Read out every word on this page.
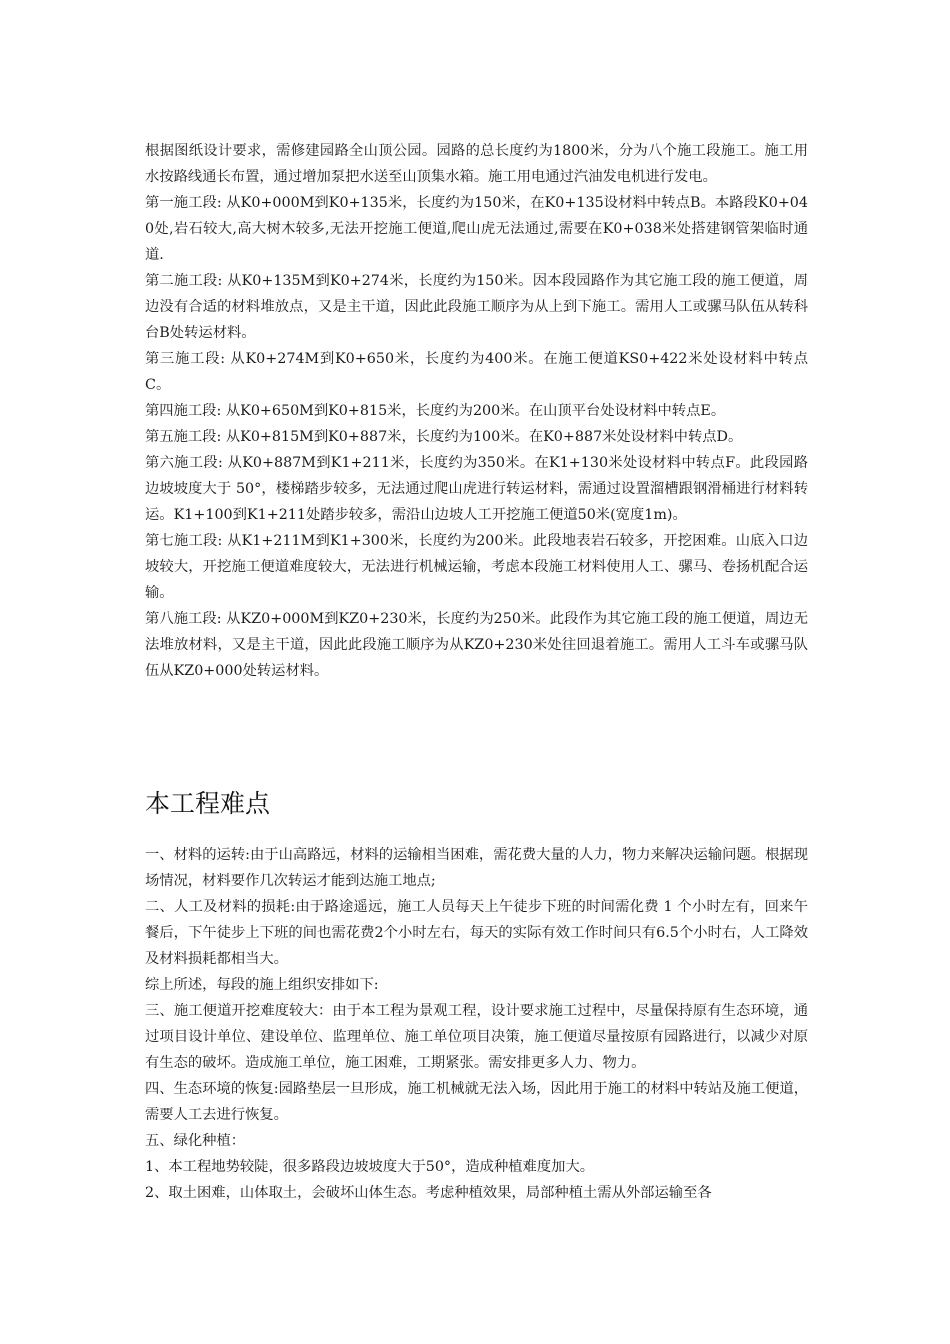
根据图纸设计要求，需修建园路全山顶公园。园路的总长度约为1800米，分为八个施工段施工。施工用水按路线通长布置，通过增加泵把水送至山顶集水箱。施工用电通过汽油发电机进行发电。

第一施工段: 从K0+000M到K0+135米，长度约为150米，在K0+135设材料中转点B。本路段K0+040处,岩石较大,高大树木较多,无法开挖施工便道,爬山虎无法通过,需要在K0+038米处搭建钢管架临时通道.

第二施工段: 从K0+135M到K0+274米，长度约为150米。因本段园路作为其它施工段的施工便道，周边没有合适的材料堆放点，又是主干道，因此此段施工顺序为从上到下施工。需用人工或骡马队伍从转科台B处转运材料。

第三施工段: 从K0+274M到K0+650米，长度约为400米。在施工便道KS0+422米处设材料中转点C。

第四施工段: 从K0+650M到K0+815米，长度约为200米。在山顶平台处设材料中转点E。

第五施工段: 从K0+815M到K0+887米，长度约为100米。在K0+887米处设材料中转点D。

第六施工段: 从K0+887M到K1+211米，长度约为350米。在K1+130米处设材料中转点F。此段园路边坡坡度大于 50°，楼梯踏步较多，无法通过爬山虎进行转运材料，需通过设置溜槽跟钢滑桶进行材料转运。K1+100到K1+211处踏步较多，需沿山边坡人工开挖施工便道50米(宽度1m)。

第七施工段: 从K1+211M到K1+300米，长度约为200米。此段地表岩石较多，开挖困难。山底入口边坡较大，开挖施工便道难度较大，无法进行机械运输，考虑本段施工材料使用人工、骡马、卷扬机配合运输。

第八施工段: 从KZ0+000M到KZ0+230米，长度约为250米。此段作为其它施工段的施工便道，周边无法堆放材料，又是主干道，因此此段施工顺序为从KZ0+230米处往回退着施工。需用人工斗车或骡马队伍从KZ0+000处转运材料。

本工程难点

一、材料的运转:由于山高路远，材料的运输相当困难，需花费大量的人力，物力来解决运输问题。根据现场情况，材料要作几次转运才能到达施工地点;

二、人工及材料的损耗:由于路途遥远，施工人员每天上午徒步下班的时间需化费 1 个小时左有，回来午餐后，下午徒步上下班的间也需花费2个小时左右，每天的实际有效工作时间只有6.5个小时右，人工降效及材料损耗都相当大。

综上所述，每段的施上组织安排如下:

三、施工便道开挖难度较大：由于本工程为景观工程，设计要求施工过程中，尽量保持原有生态环境，通过项目设计单位、建设单位、监理单位、施工单位项目决策，施工便道尽量按原有园路进行，以减少对原有生态的破坏。造成施工单位，施工困难，工期紧张。需安排更多人力、物力。

四、生态环境的恢复:园路垫层一旦形成，施工机械就无法入场，因此用于施工的材料中转站及施工便道，需要人工去进行恢复。

五、绿化种植：

1、本工程地势较陡，很多路段边坡坡度大于50°，造成种植难度加大。

2、取土困难，山体取土，会破坏山体生态。考虑种植效果，局部种植土需从外部运输至各
